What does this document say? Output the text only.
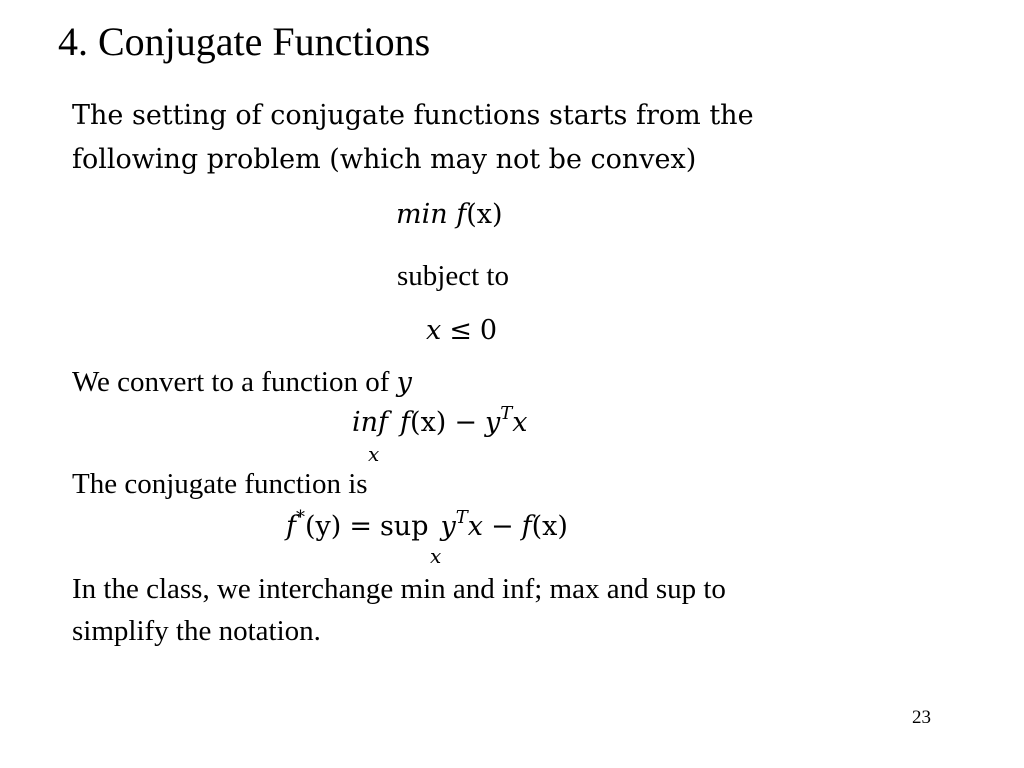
4. Conjugate Functions
The setting of conjugate functions starts from the
following problem (which may not be convex)
min f(x)
subject to
x ≤ 0
We convert to a function of y
inf $f(x) - y^Tx$
x
The conjugate function is
f*(y) = sup $y^Tx - f(x)$
x
In the class, we interchange min and inf; max and sup to
simplify the notation.
23
